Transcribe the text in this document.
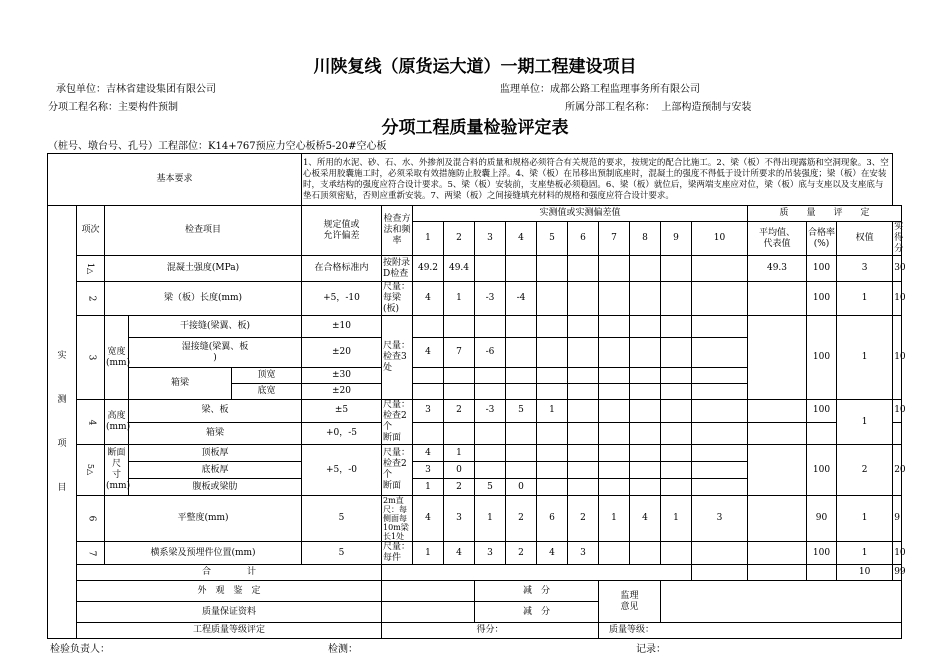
川陕复线（原货运大道）一期工程建设项目
承包单位：吉林省建设集团有限公司	监理单位：成都公路工程监理事务所有限公司
分项工程名称：主要构件预制	所属分部工程名称： 上部构造预制与安装
分项工程质量检验评定表
（桩号、墩台号、孔号）工程部位：K14+767预应力空心板桥5-20#空心板
基本要求					1、所用的水泥、砂、石、水、外掺剂及混合料的质量和规格必须符合有关规范的要求，按规定的配合比施工。2、梁（板）不得出现露筋和空洞现象。3、空心板采用胶囊施工时，必须采取有效措施防止胶囊上浮。4、梁（板）在吊移出预制底座时，混凝土的强度不得低于设计所要求的吊装强度；梁（板）在安装时，支承结构的强度应符合设计要求。5、梁（板）安装前，支座垫板必须稳固。6、梁（板）就位后，梁两端支座应对位，梁（板）底与支座以及支座底与垫石顶须密贴，否则应重新安装。7、两梁（板）之间接缝填充材料的规格和强度应符合设计要求。															

实
测
项
目	项次	检查项目			规定值或
允许偏差	检查方法和频率	实测值或实测偏差值										质　　量　　评　　定			
							1	2	3	4	5	6	7	8	9	10	平均值、
代表值	合格率
(%)	权值	实得分
	1△	混凝土强度(MPa)			在合格标准内	按附录D检查	49.2	49.4									49.3	100	3	30
	2	梁（板）长度(mm)			+5，-10	尺量：每梁(板)	4	1	-3	-4								100	1	10
	3	宽度
(mm)	干接缝(梁翼、板)		±10	尺量：检查3处												100	1	10
			湿接缝(梁翼、板
)		±20		4	7	-6											
			箱梁	顶宽	±30															
				底宽	±20															
	4	高度
(mm)	梁、板		±5	尺量：检查2个
断面	3	2	-3	5	1							100	1	10
			箱梁		+0，-5															
	5△	断面尺
寸(mm)	顶板厚		+5，-0	尺量：检查2个
断面	4	1										100	2	20
			底板厚				3	0												
			腹板或梁肋				1	2	5	0										
	6	平整度(mm)			5	2m直尺：每侧面每
10m梁长1处	4	3	1	2	6	2	1	4	1	3		90	1	9
	7	横系梁及预埋件位置(mm)			5	尺量：每件	1	4	3	2	4	3						100	1	10
	合　　　　计																		10	99
	外　观　鉴　定								减　分				监理
意见							
	质量保证资料								减　分											
	工程质量等级评定					得分：							质量等级：							
检验负责人：	检测：	记录：
